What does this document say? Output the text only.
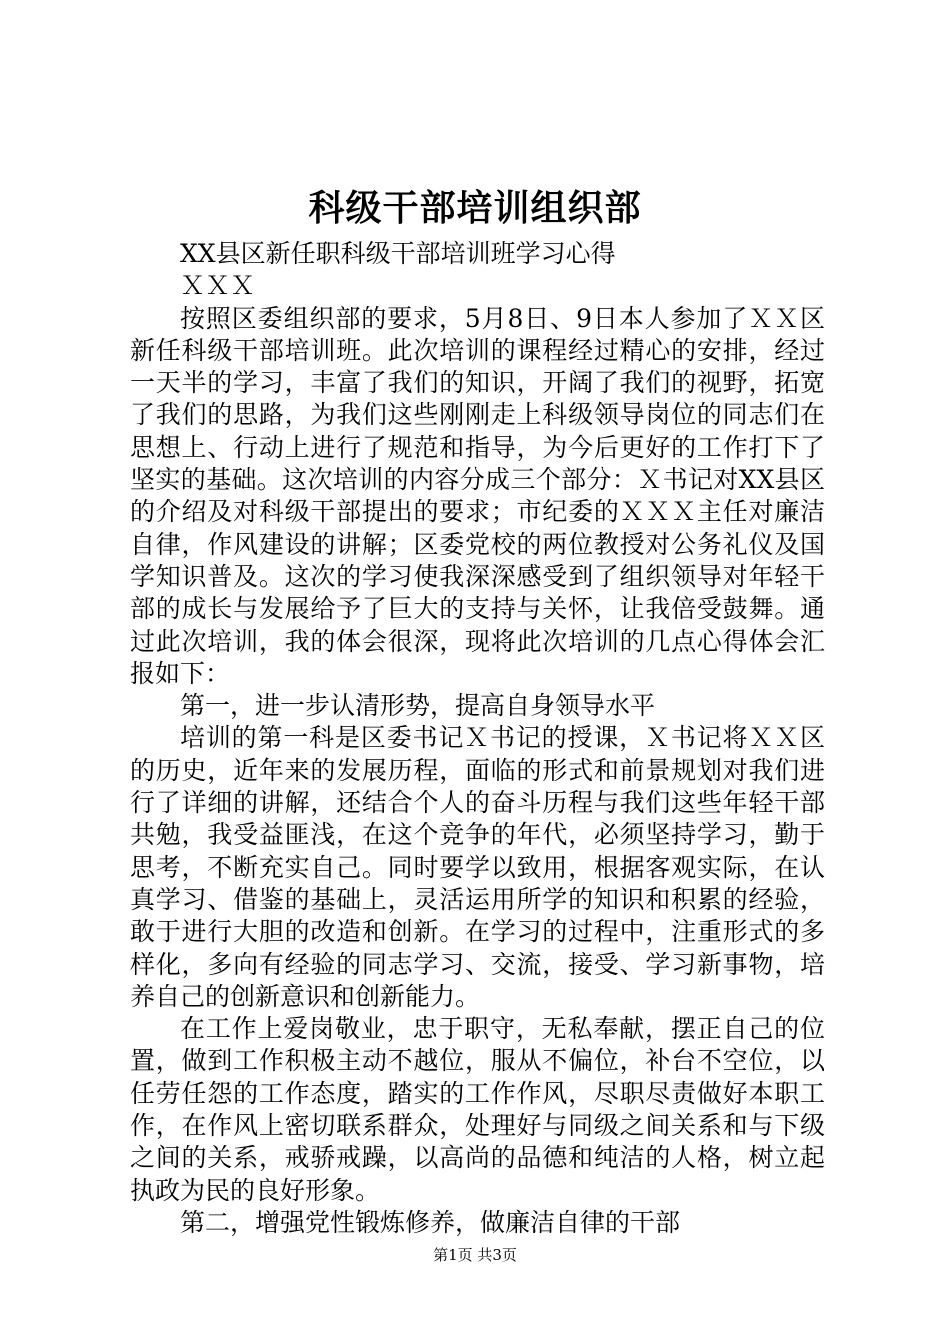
科级干部培训组织部

XX县区新任职科级干部培训班学习心得

ＸＸＸ

按照区委组织部的要求，5月8日、9日本人参加了ＸＸ区新任科级干部培训班。此次培训的课程经过精心的安排，经过一天半的学习，丰富了我们的知识，开阔了我们的视野，拓宽了我们的思路，为我们这些刚刚走上科级领导岗位的同志们在思想上、行动上进行了规范和指导，为今后更好的工作打下了坚实的基础。这次培训的内容分成三个部分：Ｘ书记对XX县区的介绍及对科级干部提出的要求；市纪委的ＸＸＸ主任对廉洁自律，作风建设的讲解；区委党校的两位教授对公务礼仪及国学知识普及。这次的学习使我深深感受到了组织领导对年轻干部的成长与发展给予了巨大的支持与关怀，让我倍受鼓舞。通过此次培训，我的体会很深，现将此次培训的几点心得体会汇报如下：

第一，进一步认清形势，提高自身领导水平

培训的第一科是区委书记Ｘ书记的授课，Ｘ书记将ＸＸ区的历史，近年来的发展历程，面临的形式和前景规划对我们进行了详细的讲解，还结合个人的奋斗历程与我们这些年轻干部共勉，我受益匪浅，在这个竞争的年代，必须坚持学习，勤于思考，不断充实自己。同时要学以致用，根据客观实际，在认真学习、借鉴的基础上，灵活运用所学的知识和积累的经验，敢于进行大胆的改造和创新。在学习的过程中，注重形式的多样化，多向有经验的同志学习、交流，接受、学习新事物，培养自己的创新意识和创新能力。

在工作上爱岗敬业，忠于职守，无私奉献，摆正自己的位置，做到工作积极主动不越位，服从不偏位，补台不空位，以任劳任怨的工作态度，踏实的工作作风，尽职尽责做好本职工作，在作风上密切联系群众，处理好与同级之间关系和与下级之间的关系，戒骄戒躁，以高尚的品德和纯洁的人格，树立起执政为民的良好形象。

第二，增强党性锻炼修养，做廉洁自律的干部

第1页 共3页
